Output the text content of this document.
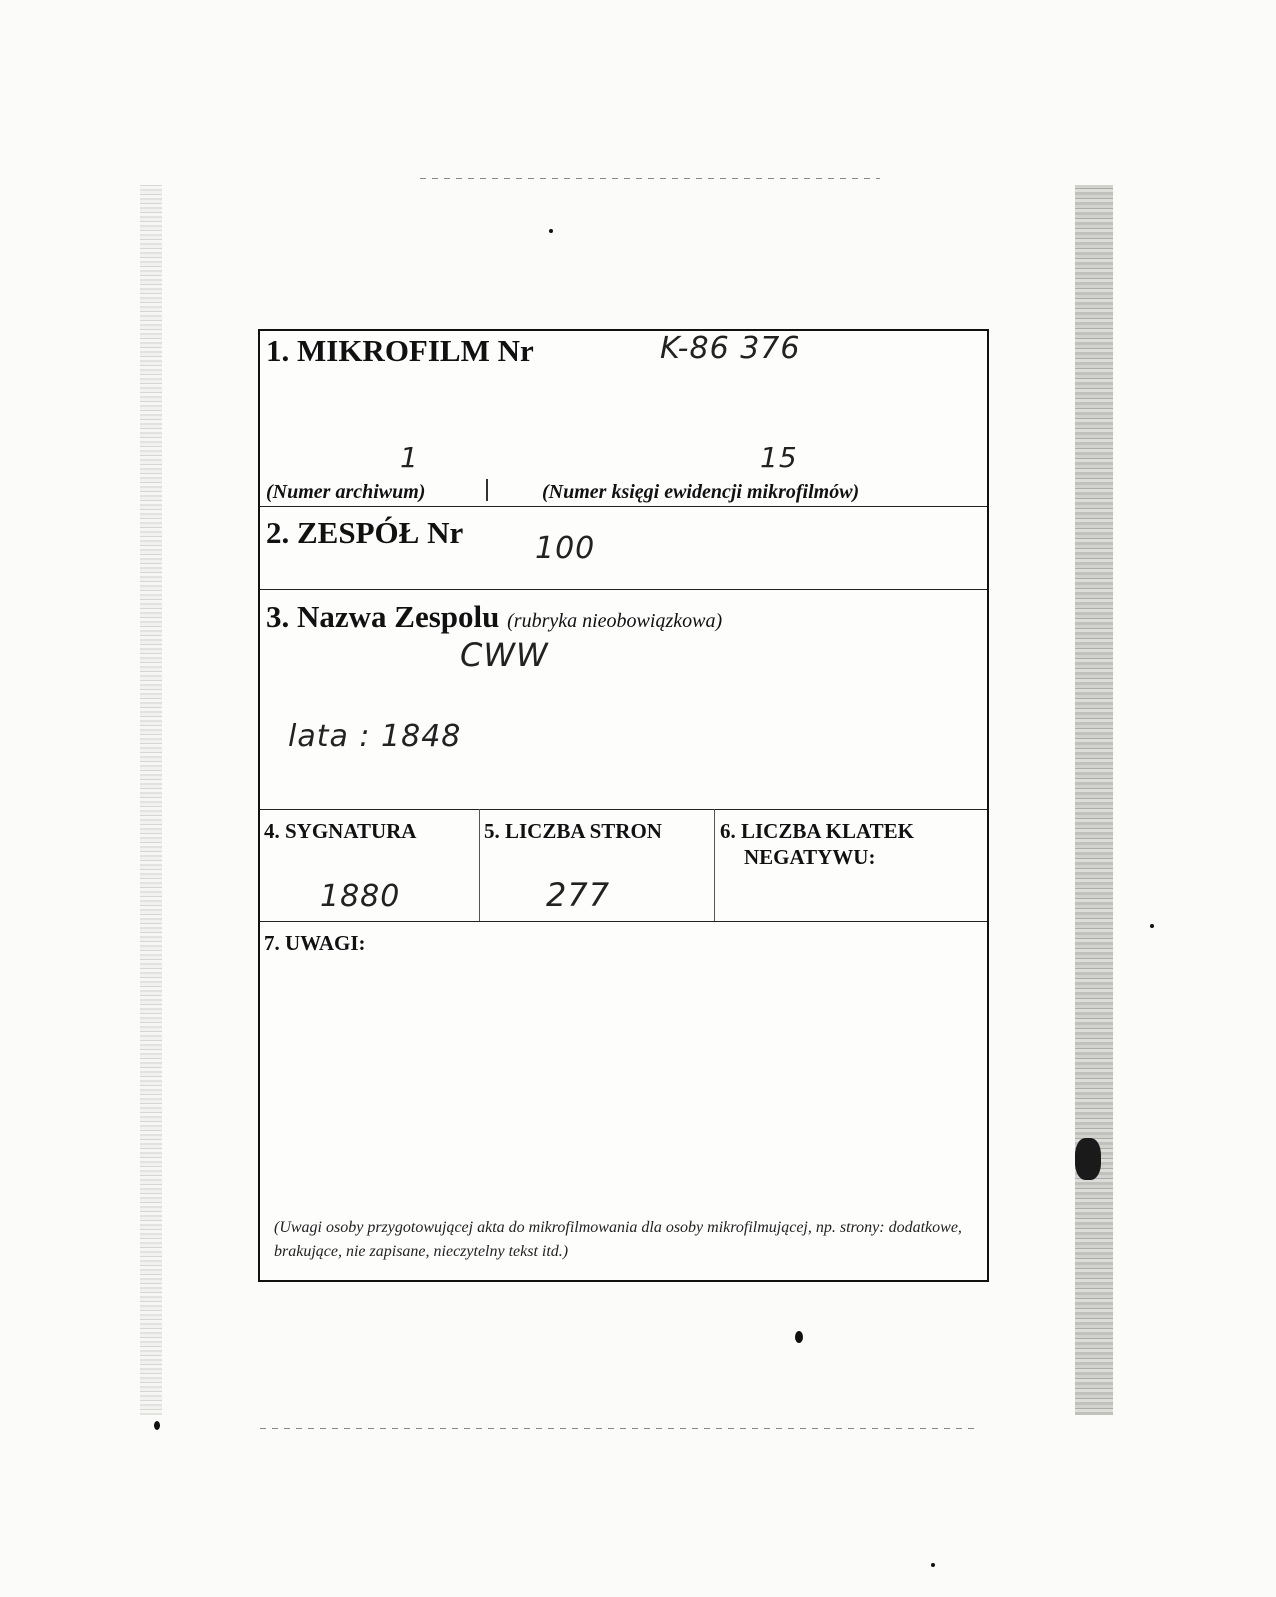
1. MIKROFILM Nr	K-86 376
1	15
(Numer archiwum)	(Numer księgi ewidencji mikrofilmów)
2. ZESPÓŁ Nr 100
3. Nazwa Zespolu (rubryka nieobowiązkowa)
CWW
lata : 1848
4. SYGNATURA	5. LICZBA STRON	6. LICZBA KLATEK
NEGATYWU:
1880	277
7. UWAGI:
(Uwagi osoby przygotowującej akta do mikrofilmowania dla osoby mikrofilmującej, np. strony: dodatkowe, brakujące, nie zapisane, nieczytelny tekst itd.)
